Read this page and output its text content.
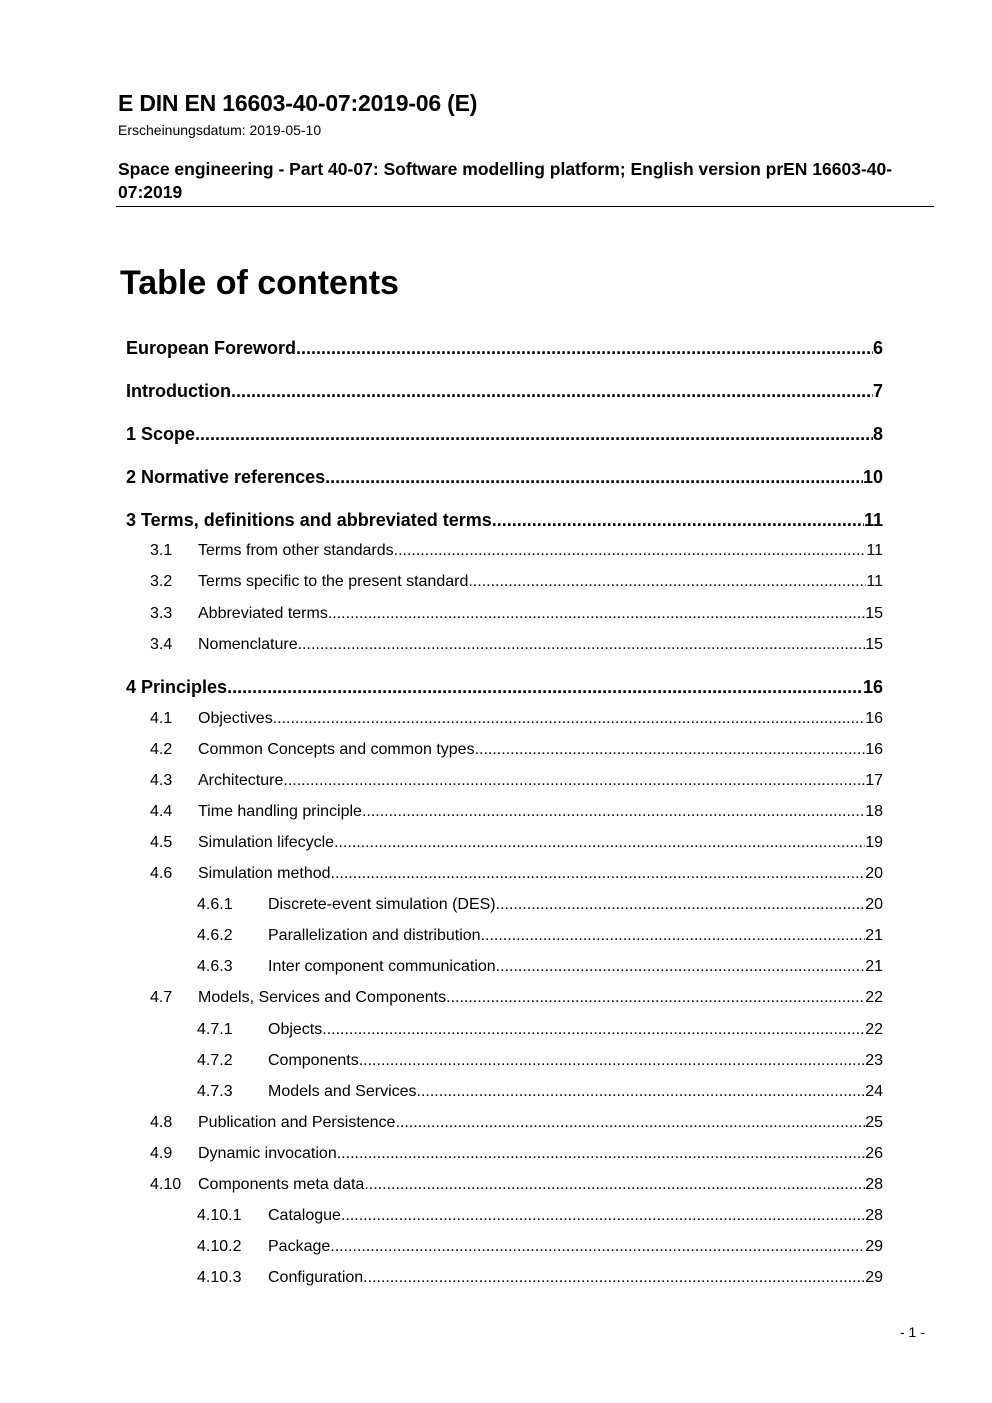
E DIN EN 16603-40-07:2019-06 (E)
Erscheinungsdatum: 2019-05-10
Space engineering - Part 40-07: Software modelling platform; English version prEN 16603-40-07:2019
Table of contents
European Foreword .....	6
Introduction .....	7
1 Scope .....	8
2 Normative references .....	10
3 Terms, definitions and abbreviated terms .....	11
3.1	Terms from other standards .....	11
3.2	Terms specific to the present standard .....	11
3.3	Abbreviated terms .....	15
3.4	Nomenclature .....	15
4 Principles .....	16
4.1	Objectives .....	16
4.2	Common Concepts and common types .....	16
4.3	Architecture .....	17
4.4	Time handling principle .....	18
4.5	Simulation lifecycle .....	19
4.6	Simulation method .....	20
4.6.1	Discrete-event simulation (DES) .....	20
4.6.2	Parallelization and distribution .....	21
4.6.3	Inter component communication .....	21
4.7	Models, Services and Components .....	22
4.7.1	Objects .....	22
4.7.2	Components .....	23
4.7.3	Models and Services .....	24
4.8	Publication and Persistence .....	25
4.9	Dynamic invocation .....	26
4.10	Components meta data .....	28
4.10.1	Catalogue .....	28
4.10.2	Package .....	29
4.10.3	Configuration .....	29
- 1 -
